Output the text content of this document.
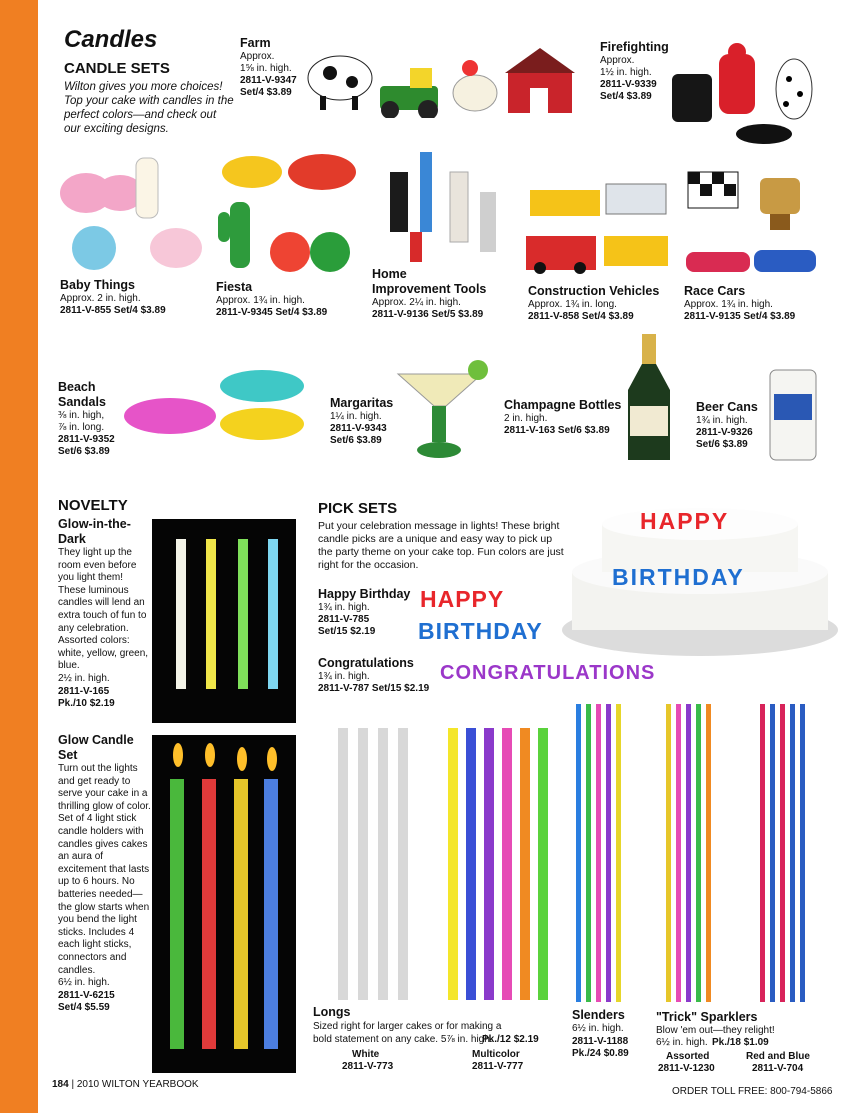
Candles
CANDLE SETS
Wilton gives you more choices! Top your cake with candles in the perfect colors—and check out our exciting designs.
Farm
Approx.
1⅝ in. high.
2811-V-9347
Set/4 $3.89
Firefighting
Approx.
1½ in. high.
2811-V-9339
Set/4 $3.89
Baby Things
Approx. 2 in. high.
2811-V-855 Set/4 $3.89
Fiesta
Approx. 1¾ in. high.
2811-V-9345 Set/4 $3.89
Home
Improvement Tools
Approx. 2¼ in. high.
2811-V-9136 Set/5 $3.89
Construction Vehicles
Approx. 1¾ in. long.
2811-V-858 Set/4 $3.89
Race Cars
Approx. 1¾ in. high.
2811-V-9135 Set/4 $3.89
Beach
Sandals
⅜ in. high,
⅞ in. long.
2811-V-9352
Set/6 $3.89
Margaritas
1¼ in. high.
2811-V-9343
Set/6 $3.89
Champagne Bottles
2 in. high.
2811-V-163 Set/6 $3.89
Beer Cans
1¾ in. high.
2811-V-9326
Set/6 $3.89
NOVELTY
Glow-in-the-Dark
They light up the room even before you light them! These luminous candles will lend an extra touch of fun to any celebration. Assorted colors: white, yellow, green, blue.
2½ in. high.
2811-V-165
Pk./10 $2.19
Glow Candle Set
Turn out the lights and get ready to serve your cake in a thrilling glow of color. Set of 4 light stick candle holders with candles gives cakes an aura of excitement that lasts up to 6 hours. No batteries needed—the glow starts when you bend the light sticks. Includes 4 each light sticks, connectors and candles.
6½ in. high.
2811-V-6215
Set/4 $5.59
PICK SETS
Put your celebration message in lights! These bright candle picks are a unique and easy way to pick up the party theme on your cake top. Fun colors are just right for the occasion.
Happy Birthday
1¾ in. high.
2811-V-785
Set/15 $2.19
HAPPY
BIRTHDAY
Congratulations
1¾ in. high.
2811-V-787 Set/15 $2.19
CONGRATULATIONS
HAPPY
BIRTHDAY
Longs
Sized right for larger cakes or for making a bold statement on any cake. 5⅞ in. high.
Pk./12 $2.19
White
2811-V-773
Multicolor
2811-V-777
Slenders
6½ in. high.
2811-V-1188
Pk./24 $0.89
"Trick" Sparklers
Blow 'em out—they relight!
6½ in. high. Pk./18 $1.09
Assorted
2811-V-1230
Red and Blue
2811-V-704
184 | 2010 WILTON YEARBOOK
ORDER TOLL FREE: 800-794-5866
